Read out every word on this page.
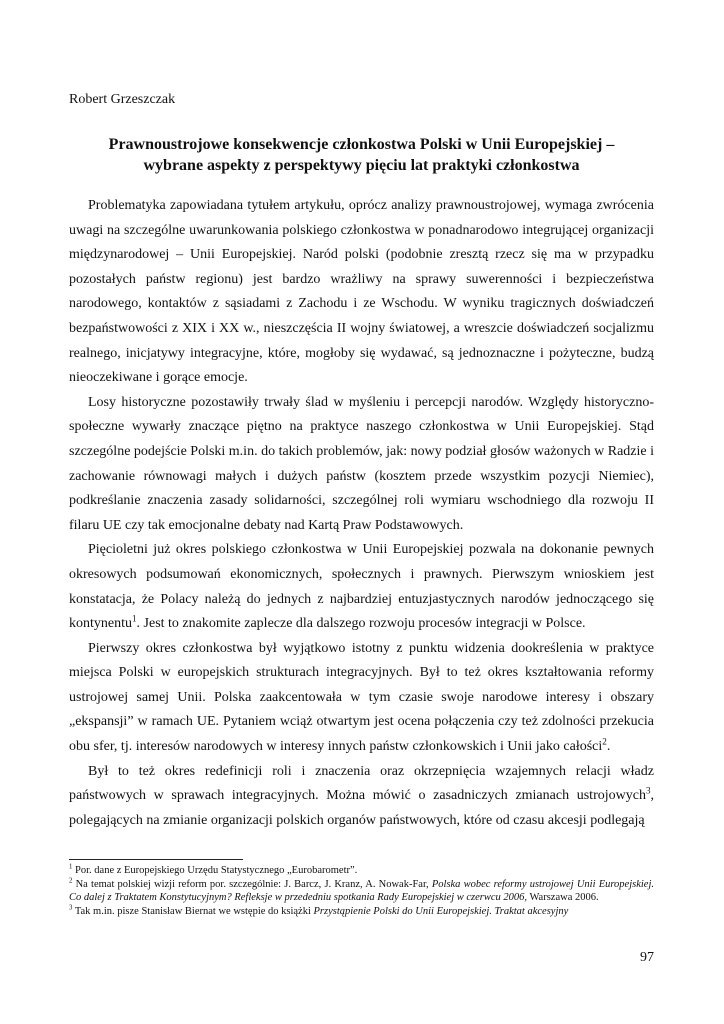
Robert Grzeszczak
Prawnoustrojowe konsekwencje członkostwa Polski w Unii Europejskiej –
wybrane aspekty z perspektywy pięciu lat praktyki członkostwa

Problematyka zapowiadana tytułem artykułu, oprócz analizy prawnoustrojowej, wymaga zwrócenia uwagi na szczególne uwarunkowania polskiego członkostwa w ponadnarodowo integrującej organizacji międzynarodowej – Unii Europejskiej. Naród polski (podobnie zresztą rzecz się ma w przypadku pozostałych państw regionu) jest bardzo wrażliwy na sprawy suwerenności i bezpieczeństwa narodowego, kontaktów z sąsiadami z Zachodu i ze Wschodu. W wyniku tragicznych doświadczeń bezpaństwowości z XIX i XX w., nieszczęścia II wojny światowej, a wreszcie doświadczeń socjalizmu realnego, inicjatywy integracyjne, które, mogłoby się wydawać, są jednoznaczne i pożyteczne, budzą nieoczekiwane i gorące emocje.

Losy historyczne pozostawiły trwały ślad w myśleniu i percepcji narodów. Względy historyczno-społeczne wywarły znaczące piętno na praktyce naszego członkostwa w Unii Europejskiej. Stąd szczególne podejście Polski m.in. do takich problemów, jak: nowy podział głosów ważonych w Radzie i zachowanie równowagi małych i dużych państw (kosztem przede wszystkim pozycji Niemiec), podkreślanie znaczenia zasady solidarności, szczególnej roli wymiaru wschodniego dla rozwoju II filaru UE czy tak emocjonalne debaty nad Kartą Praw Podstawowych.

Pięcioletni już okres polskiego członkostwa w Unii Europejskiej pozwala na dokonanie pewnych okresowych podsumowań ekonomicznych, społecznych i prawnych. Pierwszym wnioskiem jest konstatacja, że Polacy należą do jednych z najbardziej entuzjastycznych narodów jednoczącego się kontynentu$^1$. Jest to znakomite zaplecze dla dalszego rozwoju procesów integracji w Polsce.

Pierwszy okres członkostwa był wyjątkowo istotny z punktu widzenia dookreślenia w praktyce miejsca Polski w europejskich strukturach integracyjnych. Był to też okres kształtowania reformy ustrojowej samej Unii. Polska zaakcentowała w tym czasie swoje narodowe interesy i obszary „ekspansji” w ramach UE. Pytaniem wciąż otwartym jest ocena połączenia czy też zdolności przekucia obu sfer, tj. interesów narodowych w interesy innych państw członkowskich i Unii jako całości$^2$.

Był to też okres redefinicji roli i znaczenia oraz okrzepnięcia wzajemnych relacji władz państwowych w sprawach integracyjnych. Można mówić o zasadniczych zmianach ustrojowych$^3$, polegających na zmianie organizacji polskich organów państwowych, które od czasu akcesji podlegają

$^1$ Por. dane z Europejskiego Urzędu Statystycznego „Eurobarometr”.

$^2$ Na temat polskiej wizji reform por. szczególnie: J. Barcz, J. Kranz, A. Nowak-Far, Polska wobec reformy ustrojowej Unii Europejskiej. Co dalej z Traktatem Konstytucyjnym? Refleksje w przededniu spotkania Rady Europejskiej w czerwcu 2006, Warszawa 2006.

$^3$ Tak m.in. pisze Stanisław Biernat we wstępie do książki Przystąpienie Polski do Unii Europejskiej. Traktat akcesyjny

97
